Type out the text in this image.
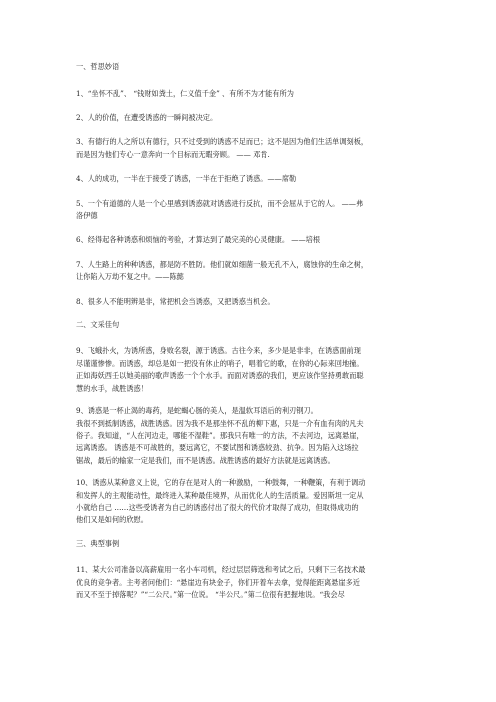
一、哲思妙语
1、“坐怀不乱”、 “钱财如粪土，仁义值千金” 、有所不为才能有所为
2、人的价值，在遭受诱惑的一瞬间被决定。
3、有德行的人之所以有德行，只不过受到的诱惑不足而已；这不是因为他们生活单调刻板，
而是因为他们专心一意奔向一个目标而无暇旁顾。 —— 邓肯.
4、人的成功，一半在于接受了诱惑，一半在于拒绝了诱惑。——席勒
5、一个有道德的人是一个心里感到诱惑就对诱惑进行反抗，而不会屈从于它的人。 ——弗
洛伊德
6、经得起各种诱惑和烦恼的考验，才算达到了最完美的心灵健康。 ——培根
7、人生路上的种种诱惑，都是防不胜防。他们就如细菌一般无孔不入，腐蚀你的生命之树，
让你陷入万劫不复之中。——陈懿
8、很多人不能明辨是非，常把机会当诱惑，又把诱惑当机会。
二、文采佳句
9、飞蛾扑火，为诱所惑，身败名裂，源于诱惑。古往今来，多少是是非非，在诱惑面前现
尽谨谨惨惨。而诱惑，却总是如一把没有休止的哨子，唱着它的歌，在你的心际来回地撞。
正如海妖西壬以她美丽的歌声诱惑一个个水手。而面对诱惑的我们，更应该作坚持勇敢而聪
慧的水手，战胜诱惑！
9、诱惑是一杯止渴的毒药，是蛇蝎心肠的美人，是温软耳语后的利刃钢刀。
我很不到抵制诱惑，战胜诱惑。因为我不是那坐怀不乱的柳下惠，只是一介有血有肉的凡夫
俗子。我知道，“人在河边走，哪能不湿鞋”。那我只有唯一的方法，不去河边，远离悬崖，
远离诱惑。 诱惑是不可战胜的，要远离它，不要试图和诱惑较劲、抗争。因为陷入这场拉
锯战，最后的输家一定是我们，而不是诱惑。战胜诱惑的最好方法就是远离诱惑。
10、诱惑从某种意义上说，它的存在是对人的一种激励，一种鼓舞，一种鞭策，有利于调动
和发挥人的主观能动性，最终进入某种最佳境界，从而优化人的生活质量。爱因斯坦一定从
小就给自己 ……这些受诱者为自己的诱惑付出了很大的代价才取得了成功，但取得成功的
他们又是如何的欣慰。
三、典型事例
11、某大公司准备以高薪雇用一名小车司机，经过层层筛选和考试之后，只剩下三名技术最
优良的竞争者。主考者问他们：“悬崖边有块金子，你们开着车去拿，觉得能距离悬崖多近
而又不至于掉落呢？”“二公尺。”第一位说。 “半公尺。”第二位很有把握地说。“我会尽
